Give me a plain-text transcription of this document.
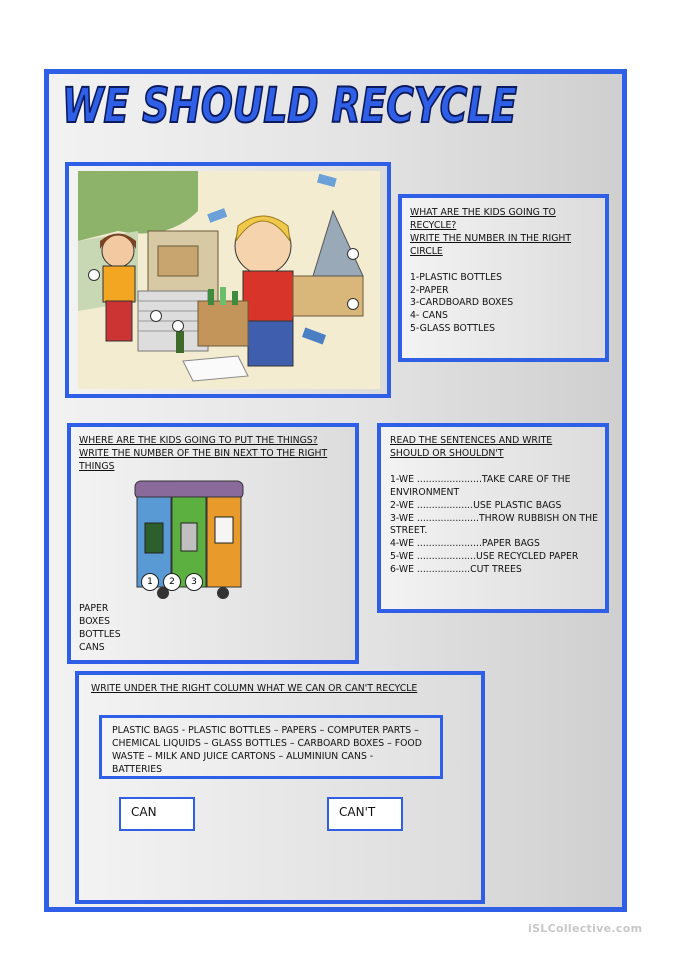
WE SHOULD RECYCLE
WHAT ARE THE KIDS GOING TO
RECYCLE?
WRITE THE NUMBER IN THE RIGHT
CIRCLE
1-PLASTIC BOTTLES
2-PAPER
3-CARDBOARD BOXES
4- CANS
5-GLASS BOTTLES
WHERE ARE THE KIDS GOING TO PUT THE THINGS?
WRITE THE NUMBER OF THE BIN NEXT TO THE RIGHT
THINGS
1	2	3
PAPER
BOXES
BOTTLES
CANS
READ THE SENTENCES AND WRITE
SHOULD OR SHOULDN'T
1-WE ......................TAKE CARE OF THE
ENVIRONMENT
2-WE ...................USE PLASTIC BAGS
3-WE .....................THROW RUBBISH ON THE
STREET.
4-WE ......................PAPER BAGS
5-WE ....................USE RECYCLED PAPER
6-WE ..................CUT TREES
WRITE UNDER THE RIGHT COLUMN WHAT WE CAN OR CAN'T RECYCLE
PLASTIC BAGS - PLASTIC BOTTLES – PAPERS – COMPUTER PARTS –
CHEMICAL LIQUIDS – GLASS BOTTLES – CARBOARD BOXES – FOOD
WASTE – MILK AND JUICE CARTONS – ALUMINIUN CANS -
BATTERIES
CAN	CAN'T
iSLCollective.com
